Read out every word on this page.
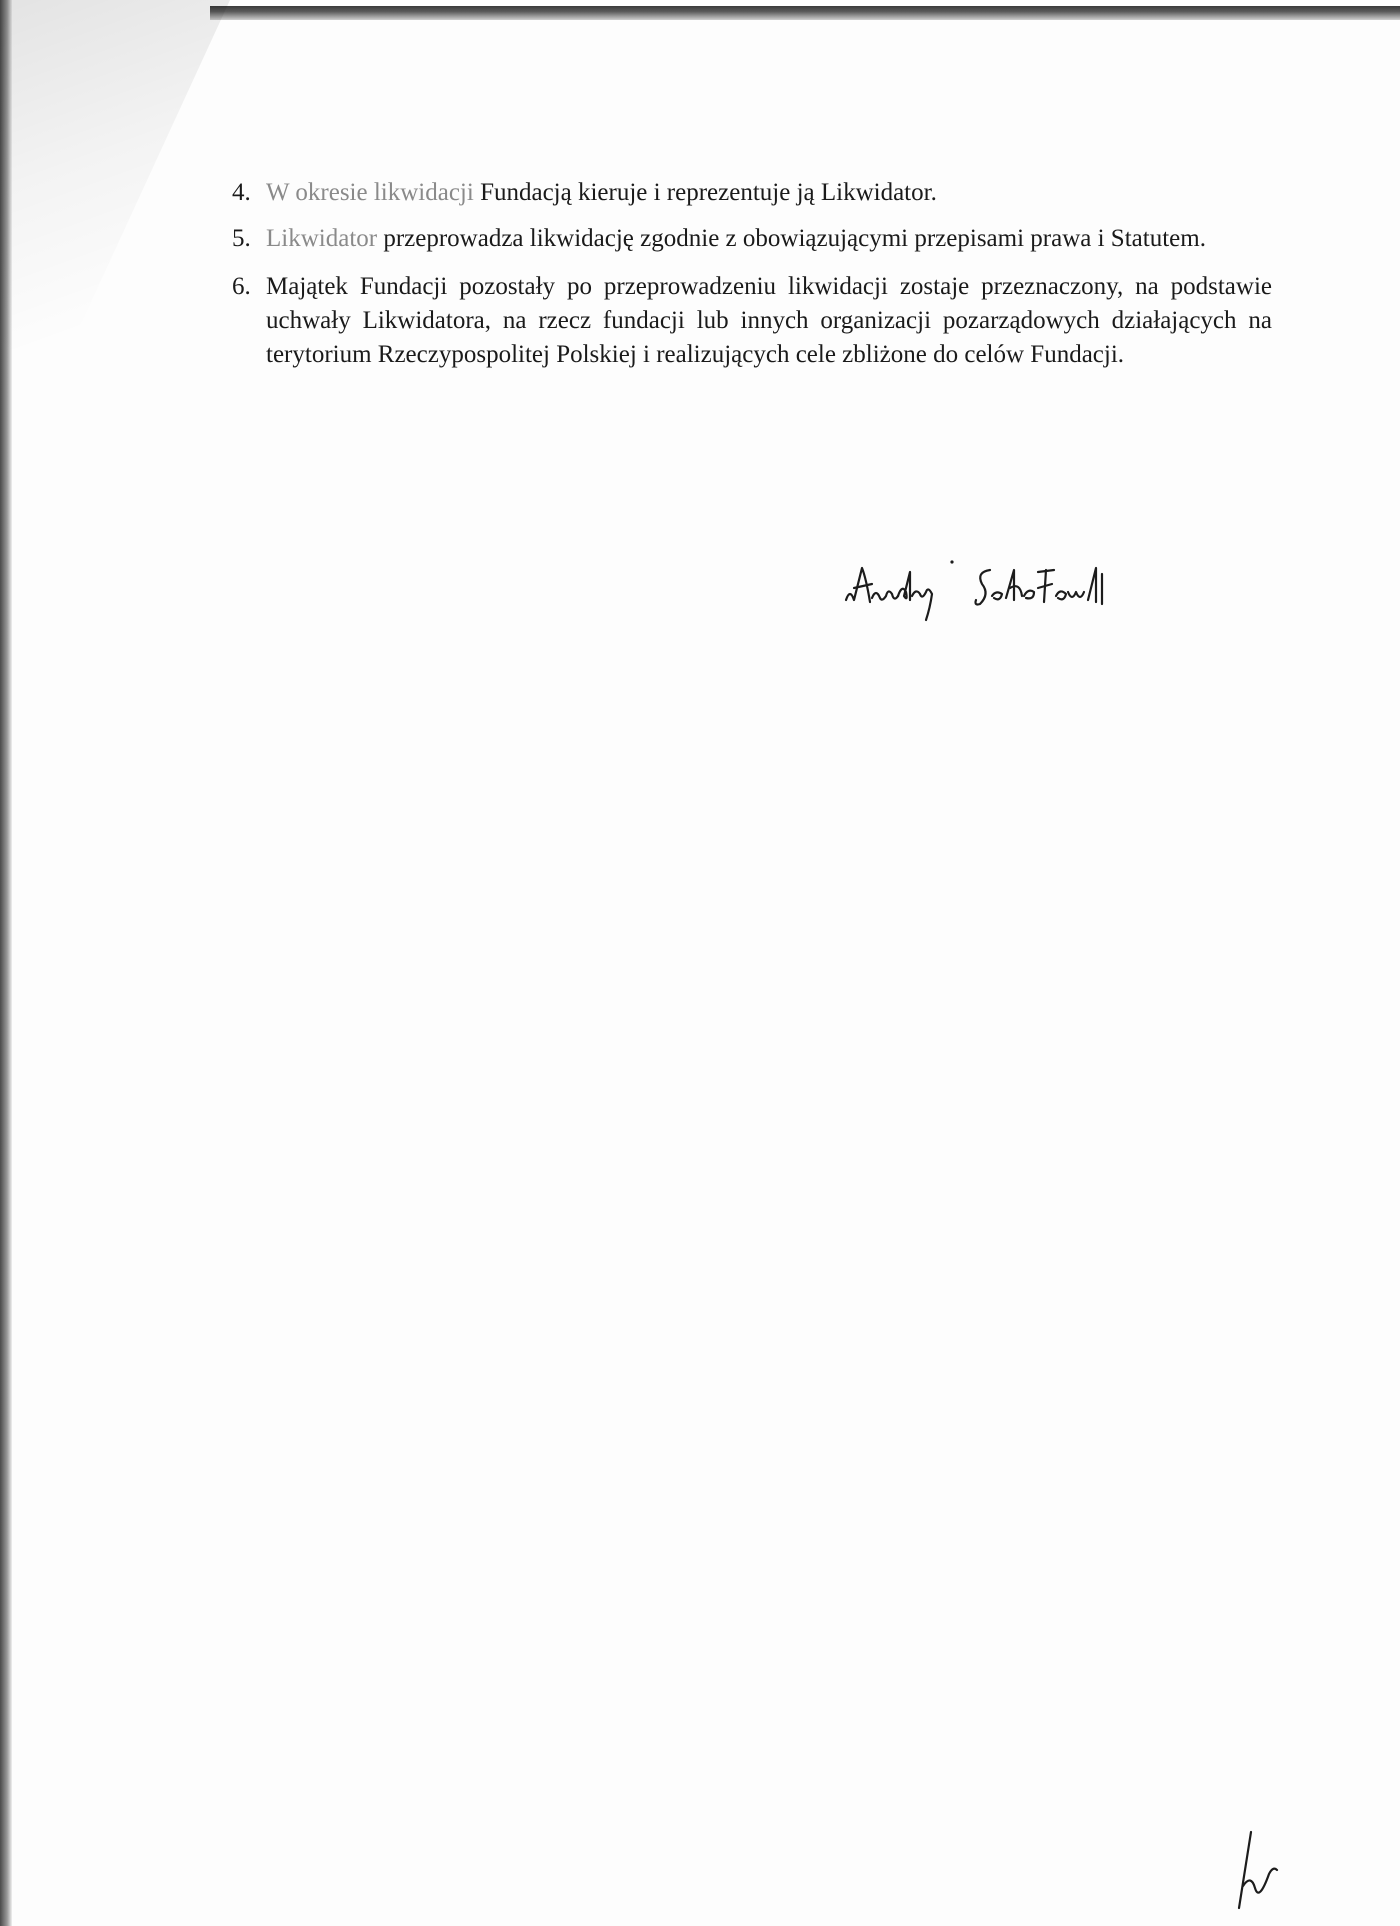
4. W okresie likwidacji Fundacją kieruje i reprezentuje ją Likwidator.
5. Likwidator przeprowadza likwidację zgodnie z obowiązującymi przepisami prawa i Statutem.
6. Majątek Fundacji pozostały po przeprowadzeniu likwidacji zostaje przeznaczony, na podstawie uchwały Likwidatora, na rzecz fundacji lub innych organizacji pozarządowych działających na terytorium Rzeczypospolitej Polskiej i realizujących cele zbliżone do celów Fundacji.
